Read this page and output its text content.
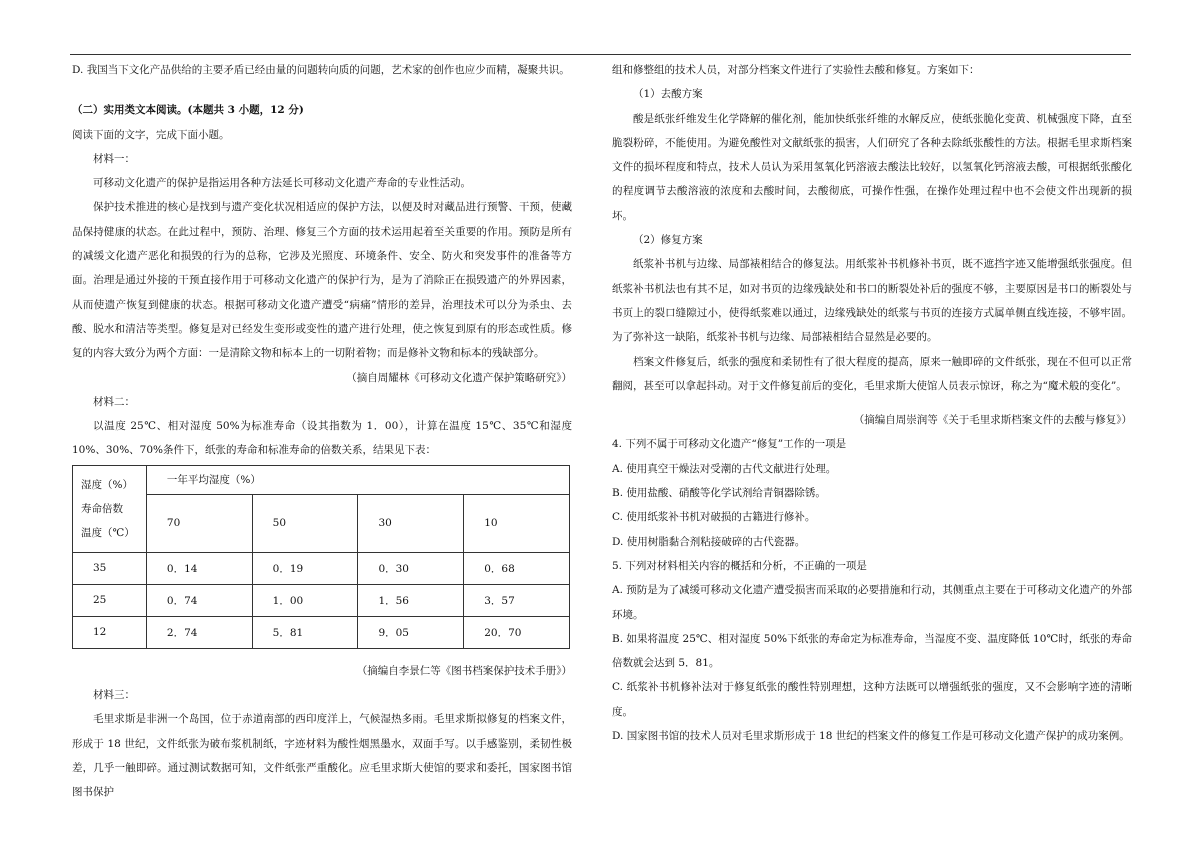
D. 我国当下文化产品供给的主要矛盾已经由量的问题转向质的问题，艺术家的创作也应少而精，凝聚共识。

（二）实用类文本阅读。(本题共 3 小题，12 分)

阅读下面的文字，完成下面小题。

材料一：

可移动文化遗产的保护是指运用各种方法延长可移动文化遗产寿命的专业性活动。

保护技术推进的核心是找到与遗产变化状况相适应的保护方法，以便及时对藏品进行预警、干预，使藏品保持健康的状态。在此过程中，预防、治理、修复三个方面的技术运用起着至关重要的作用。预防是所有的减缓文化遗产恶化和损毁的行为的总称，它涉及光照度、环境条件、安全、防火和突发事件的准备等方面。治理是通过外接的干预直接作用于可移动文化遗产的保护行为，是为了消除正在损毁遗产的外界因素，从而使遗产恢复到健康的状态。根据可移动文化遗产遭受“病痛”情形的差异，治理技术可以分为杀虫、去酸、脱水和清洁等类型。修复是对已经发生变形或变性的遗产进行处理，使之恢复到原有的形态或性质。修复的内容大致分为两个方面：一是清除文物和标本上的一切附着物；而是修补文物和标本的残缺部分。

（摘自周耀林《可移动文化遗产保护策略研究》）

材料二：

以温度 25℃、相对湿度 50%为标准寿命（设其指数为 1．00），计算在温度 15℃、35℃和湿度 10%、30%、70%条件下，纸张的寿命和标准寿命的倍数关系，结果见下表：

湿度（%）
寿命倍数
温度（℃）	一年平均湿度（%）			
	70	50	30	10
35	0．14	0．19	0．30	0．68
25	0．74	1．00	1．56	3．57
12	2．74	5．81	9．05	20．70

（摘编自李景仁等《图书档案保护技术手册》）

材料三：

毛里求斯是非洲一个岛国，位于赤道南部的西印度洋上，气候湿热多雨。毛里求斯拟修复的档案文件，形成于 18 世纪，文件纸张为破布浆机制纸，字迹材料为酸性烟黑墨水，双面手写。以手感鉴别，柔韧性极差，几乎一触即碎。通过测试数据可知，文件纸张严重酸化。应毛里求斯大使馆的要求和委托，国家图书馆图书保护

组和修整组的技术人员，对部分档案文件进行了实验性去酸和修复。方案如下：

（1）去酸方案

酸是纸张纤维发生化学降解的催化剂，能加快纸张纤维的水解反应，使纸张脆化变黄、机械强度下降，直至脆裂粉碎，不能使用。为避免酸性对文献纸张的损害，人们研究了各种去除纸张酸性的方法。根据毛里求斯档案文件的损坏程度和特点，技术人员认为采用氢氧化钙溶液去酸法比较好，以氢氧化钙溶液去酸，可根据纸张酸化的程度调节去酸溶液的浓度和去酸时间，去酸彻底，可操作性强，在操作处理过程中也不会使文件出现新的损坏。

（2）修复方案

纸浆补书机与边缘、局部裱相结合的修复法。用纸浆补书机修补书页，既不遮挡字迹又能增强纸张强度。但纸浆补书机法也有其不足，如对书页的边缘残缺处和书口的断裂处补后的强度不够，主要原因是书口的断裂处与书页上的裂口缝隙过小，使得纸浆难以通过，边缘残缺处的纸浆与书页的连接方式属单侧直线连接，不够牢固。为了弥补这一缺陷，纸浆补书机与边缘、局部裱相结合显然是必要的。

档案文件修复后，纸张的强度和柔韧性有了很大程度的提高，原来一触即碎的文件纸张，现在不但可以正常翻阅，甚至可以拿起抖动。对于文件修复前后的变化，毛里求斯大使馆人员表示惊讶，称之为“魔术般的变化”。

（摘编自周崇润等《关于毛里求斯档案文件的去酸与修复》）

4. 下列不属于可移动文化遗产“修复”工作的一项是

A. 使用真空干燥法对受潮的古代文献进行处理。

B. 使用盐酸、硝酸等化学试剂给青铜器除锈。

C. 使用纸浆补书机对破损的古籍进行修补。

D. 使用树脂黏合剂粘接破碎的古代瓷器。

5. 下列对材料相关内容的概括和分析，不正确的一项是

A. 预防是为了减缓可移动文化遗产遭受损害而采取的必要措施和行动，其侧重点主要在于可移动文化遗产的外部环境。

B. 如果将温度 25℃、相对湿度 50%下纸张的寿命定为标准寿命，当湿度不变、温度降低 10℃时，纸张的寿命倍数就会达到 5．81。

C. 纸浆补书机修补法对于修复纸张的酸性特别理想，这种方法既可以增强纸张的强度，又不会影响字迹的清晰度。

D. 国家图书馆的技术人员对毛里求斯形成于 18 世纪的档案文件的修复工作是可移动文化遗产保护的成功案例。
